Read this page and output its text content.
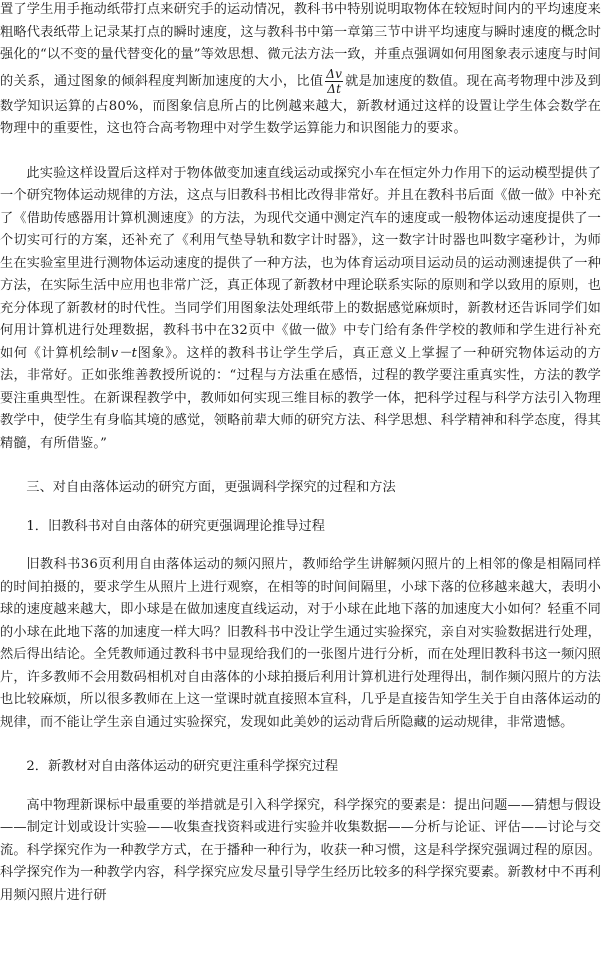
置了学生用手拖动纸带打点来研究手的运动情况，教科书中特别说明取物体在较短时间内的平均速度来粗略代表纸带上记录某打点的瞬时速度，这与教科书中第一章第三节中讲平均速度与瞬时速度的概念时强化的“以不变的量代替变化的量”等效思想、微元法方法一致，并重点强调如何用图象表示速度与时间的关系，通过图象的倾斜程度判断加速度的大小，比值 $\frac{\Delta v}{\Delta t}$ 就是加速度的数值。现在高考物理中涉及到数学知识运算的占80%，而图象信息所占的比例越来越大，新教材通过这样的设置让学生体会数学在物理中的重要性，这也符合高考物理中对学生数学运算能力和识图能力的要求。

此实验这样设置后这样对于物体做变加速直线运动或探究小车在恒定外力作用下的运动模型提供了一个研究物体运动规律的方法，这点与旧教科书相比改得非常好。并且在教科书后面《做一做》中补充了《借助传感器用计算机测速度》的方法，为现代交通中测定汽车的速度或一般物体运动速度提供了一个切实可行的方案，还补充了《利用气垫导轨和数字计时器》，这一数字计时器也叫数字毫秒计，为师生在实验室里进行测物体运动速度的提供了一种方法，也为体育运动项目运动员的运动测速提供了一种方法，在实际生活中应用也非常广泛，真正体现了新教材中理论联系实际的原则和学以致用的原则，也充分体现了新教材的时代性。当同学们用图象法处理纸带上的数据感觉麻烦时，新教材还告诉同学们如何用计算机进行处理数据，教科书中在32页中《做一做》中专门给有条件学校的教师和学生进行补充如何《计算机绘制v－t图象》。这样的教科书让学生学后，真正意义上掌握了一种研究物体运动的方法，非常好。正如张维善教授所说的：“过程与方法重在感悟，过程的教学要注重真实性，方法的教学要注重典型性。在新课程教学中，教师如何实现三维目标的教学一体，把科学过程与科学方法引入物理教学中，使学生有身临其境的感觉，领略前辈大师的研究方法、科学思想、科学精神和科学态度，得其精髓，有所借鉴。”

三、对自由落体运动的研究方面，更强调科学探究的过程和方法

1．旧教科书对自由落体的研究更强调理论推导过程

旧教科书36页利用自由落体运动的频闪照片，教师给学生讲解频闪照片的上相邻的像是相隔同样的时间拍摄的，要求学生从照片上进行观察，在相等的时间间隔里，小球下落的位移越来越大，表明小球的速度越来越大，即小球是在做加速度直线运动，对于小球在此地下落的加速度大小如何？轻重不同的小球在此地下落的加速度一样大吗？旧教科书中没让学生通过实验探究，亲自对实验数据进行处理，然后得出结论。全凭教师通过教科书中显现给我们的一张图片进行分析，而在处理旧教科书这一频闪照片，许多教师不会用数码相机对自由落体的小球拍摄后利用计算机进行处理得出，制作频闪照片的方法也比较麻烦，所以很多教师在上这一堂课时就直接照本宣科，几乎是直接告知学生关于自由落体运动的规律，而不能让学生亲自通过实验探究，发现如此美妙的运动背后所隐藏的运动规律，非常遗憾。

2．新教材对自由落体运动的研究更注重科学探究过程

高中物理新课标中最重要的举措就是引入科学探究，科学探究的要素是：提出问题——猜想与假设——制定计划或设计实验——收集查找资料或进行实验并收集数据——分析与论证、评估——讨论与交流。科学探究作为一种教学方式，在于播种一种行为，收获一种习惯，这是科学探究强调过程的原因。科学探究作为一种教学内容，科学探究应发尽量引导学生经历比较多的科学探究要素。新教材中不再利用频闪照片进行研
